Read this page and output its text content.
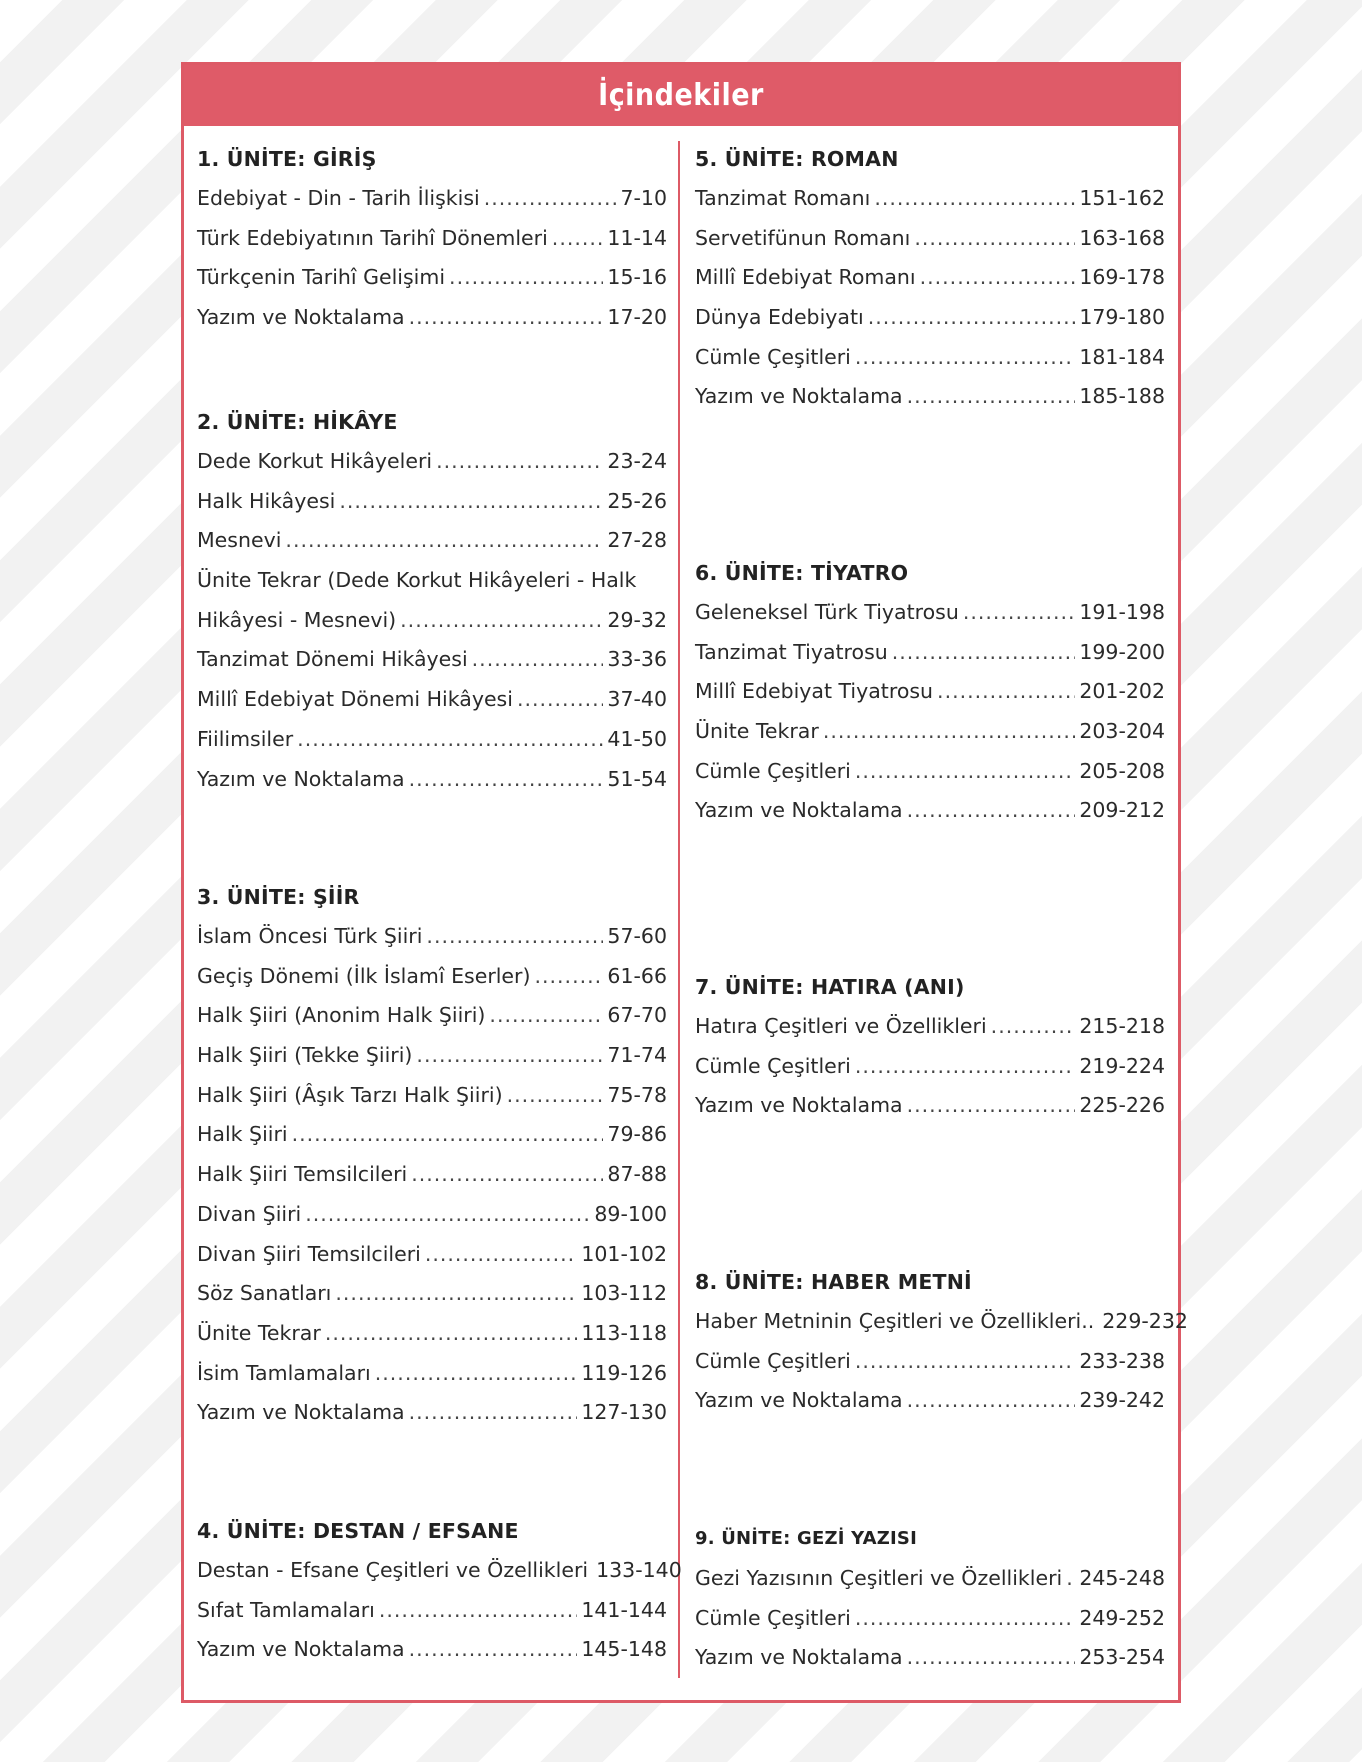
İçindekiler
1. ÜNİTE: GİRİŞ
Edebiyat - Din - Tarih İlişkisi .....	7-10
Türk Edebiyatının Tarihî Dönemleri .....	11-14
Türkçenin Tarihî Gelişimi .....	15-16
Yazım ve Noktalama .....	17-20
2. ÜNİTE: HİKÂYE
Dede Korkut Hikâyeleri .....	23-24
Halk Hikâyesi .....	25-26
Mesnevi .....	27-28
Ünite Tekrar (Dede Korkut Hikâyeleri - Halk
Hikâyesi - Mesnevi) .....	29-32
Tanzimat Dönemi Hikâyesi .....	33-36
Millî Edebiyat Dönemi Hikâyesi .....	37-40
Fiilimsiler .....	41-50
Yazım ve Noktalama .....	51-54
3. ÜNİTE: ŞİİR
İslam Öncesi Türk Şiiri .....	57-60
Geçiş Dönemi (İlk İslamî Eserler) .....	61-66
Halk Şiiri (Anonim Halk Şiiri) .....	67-70
Halk Şiiri (Tekke Şiiri) .....	71-74
Halk Şiiri (Âşık Tarzı Halk Şiiri) .....	75-78
Halk Şiiri .....	79-86
Halk Şiiri Temsilcileri .....	87-88
Divan Şiiri .....	89-100
Divan Şiiri Temsilcileri .....	101-102
Söz Sanatları .....	103-112
Ünite Tekrar .....	113-118
İsim Tamlamaları .....	119-126
Yazım ve Noktalama .....	127-130
4. ÜNİTE: DESTAN / EFSANE
Destan - Efsane Çeşitleri ve Özellikleri 133-140
Sıfat Tamlamaları .....	141-144
Yazım ve Noktalama .....	145-148
5. ÜNİTE: ROMAN
Tanzimat Romanı .....	151-162
Servetifünun Romanı .....	163-168
Millî Edebiyat Romanı .....	169-178
Dünya Edebiyatı .....	179-180
Cümle Çeşitleri .....	181-184
Yazım ve Noktalama .....	185-188
6. ÜNİTE: TİYATRO
Geleneksel Türk Tiyatrosu .....	191-198
Tanzimat Tiyatrosu .....	199-200
Millî Edebiyat Tiyatrosu .....	201-202
Ünite Tekrar .....	203-204
Cümle Çeşitleri .....	205-208
Yazım ve Noktalama .....	209-212
7. ÜNİTE: HATIRA (ANI)
Hatıra Çeşitleri ve Özellikleri .....	215-218
Cümle Çeşitleri .....	219-224
Yazım ve Noktalama .....	225-226
8. ÜNİTE: HABER METNİ
Haber Metninin Çeşitleri ve Özellikleri.. 229-232
Cümle Çeşitleri .....	233-238
Yazım ve Noktalama .....	239-242
9. ÜNİTE: GEZİ YAZISI
Gezi Yazısının Çeşitleri ve Özellikleri ..... 245-248
Cümle Çeşitleri .....	249-252
Yazım ve Noktalama .....	253-254
